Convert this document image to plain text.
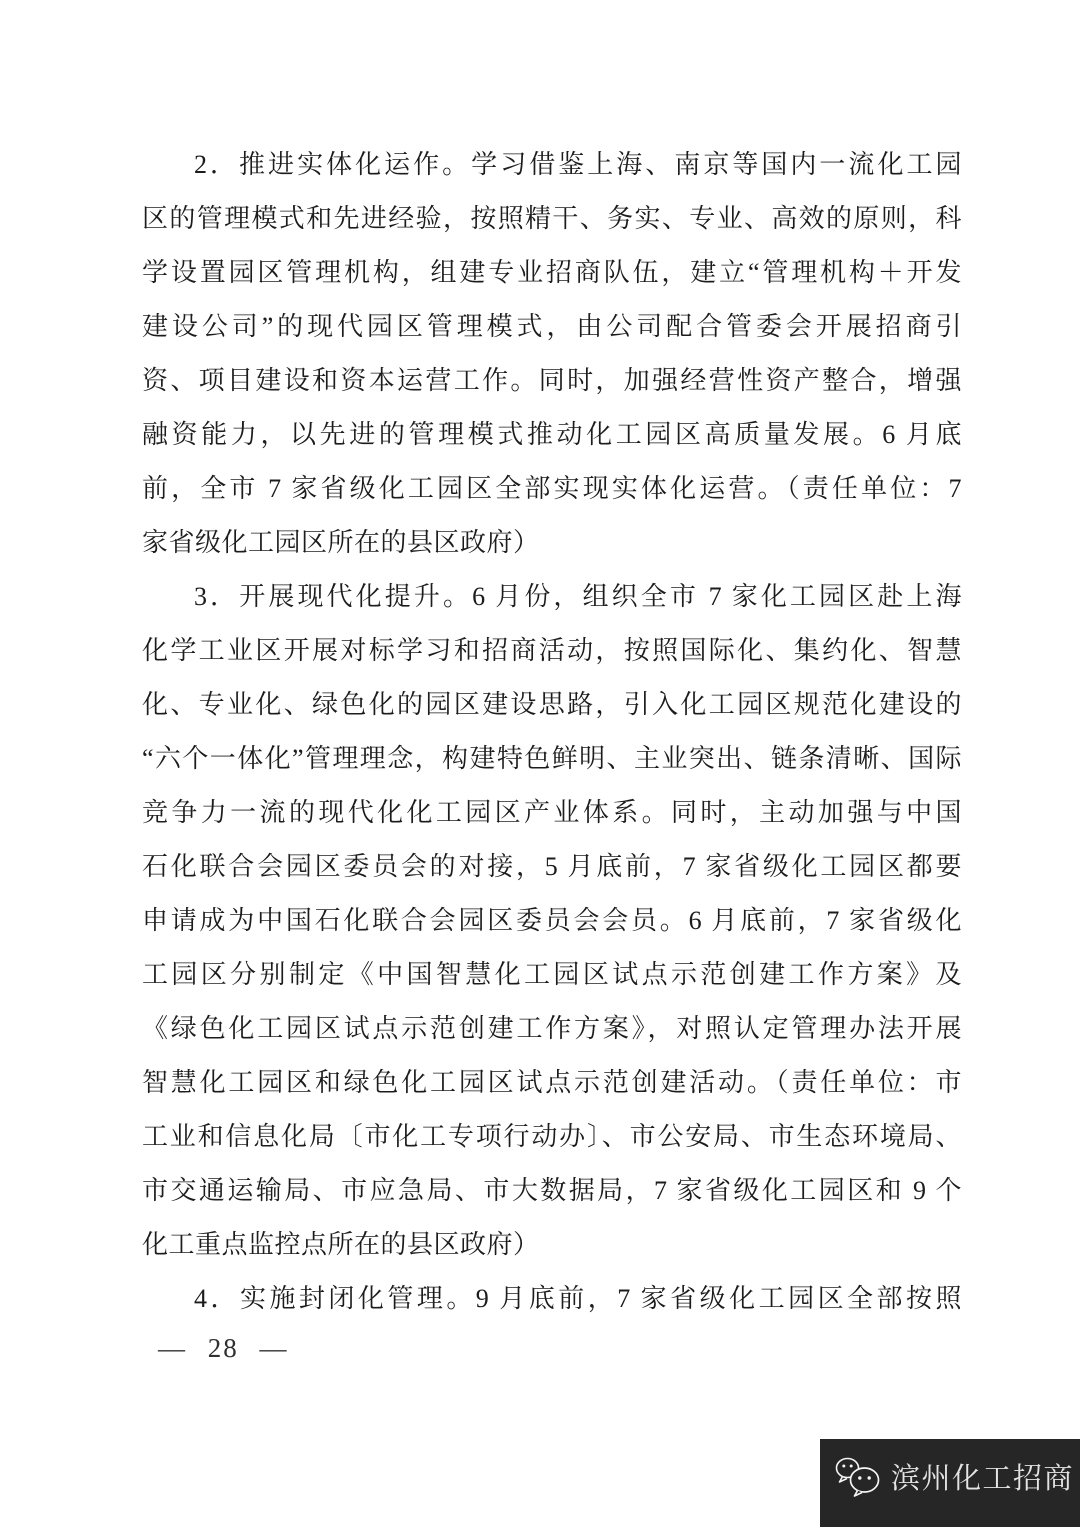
2．推进实体化运作。学习借鉴上海、南京等国内一流化工园
区的管理模式和先进经验，按照精干、务实、专业、高效的原则，科
学设置园区管理机构，组建专业招商队伍，建立“管理机构＋开发
建设公司”的现代园区管理模式，由公司配合管委会开展招商引
资、项目建设和资本运营工作。同时，加强经营性资产整合，增强
融资能力，以先进的管理模式推动化工园区高质量发展。6 月底
前，全市 7 家省级化工园区全部实现实体化运营。（责任单位：7
家省级化工园区所在的县区政府）
3．开展现代化提升。6 月份，组织全市 7 家化工园区赴上海
化学工业区开展对标学习和招商活动，按照国际化、集约化、智慧
化、专业化、绿色化的园区建设思路，引入化工园区规范化建设的
“六个一体化”管理理念，构建特色鲜明、主业突出、链条清晰、国际
竞争力一流的现代化化工园区产业体系。同时，主动加强与中国
石化联合会园区委员会的对接，5 月底前，7 家省级化工园区都要
申请成为中国石化联合会园区委员会会员。6 月底前，7 家省级化
工园区分别制定《中国智慧化工园区试点示范创建工作方案》及
《绿色化工园区试点示范创建工作方案》，对照认定管理办法开展
智慧化工园区和绿色化工园区试点示范创建活动。（责任单位：市
工业和信息化局〔市化工专项行动办〕、市公安局、市生态环境局、
市交通运输局、市应急局、市大数据局，7 家省级化工园区和 9 个
化工重点监控点所在的县区政府）
4．实施封闭化管理。9 月底前，7 家省级化工园区全部按照
— 28 —
滨州化工招商
